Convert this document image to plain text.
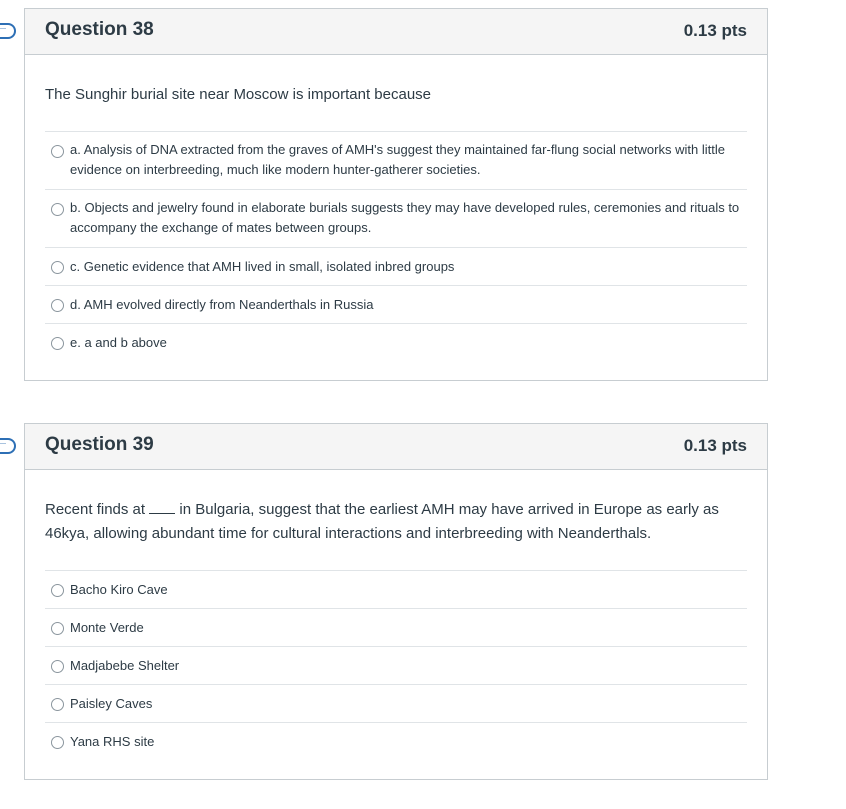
Question 38	0.13 pts
The Sunghir burial site near Moscow is important because
a. Analysis of DNA extracted from the graves of AMH's suggest they maintained far-flung social networks with little evidence on interbreeding, much like modern hunter-gatherer societies.
b. Objects and jewelry found in elaborate burials suggests they may have developed rules, ceremonies and rituals to accompany the exchange of mates between groups.
c. Genetic evidence that AMH lived in small, isolated inbred groups
d. AMH evolved directly from Neanderthals in Russia
e. a and b above
Question 39	0.13 pts
Recent finds at in Bulgaria, suggest that the earliest AMH may have arrived in Europe as early as 46kya, allowing abundant time for cultural interactions and interbreeding with Neanderthals.
Bacho Kiro Cave
Monte Verde
Madjabebe Shelter
Paisley Caves
Yana RHS site
